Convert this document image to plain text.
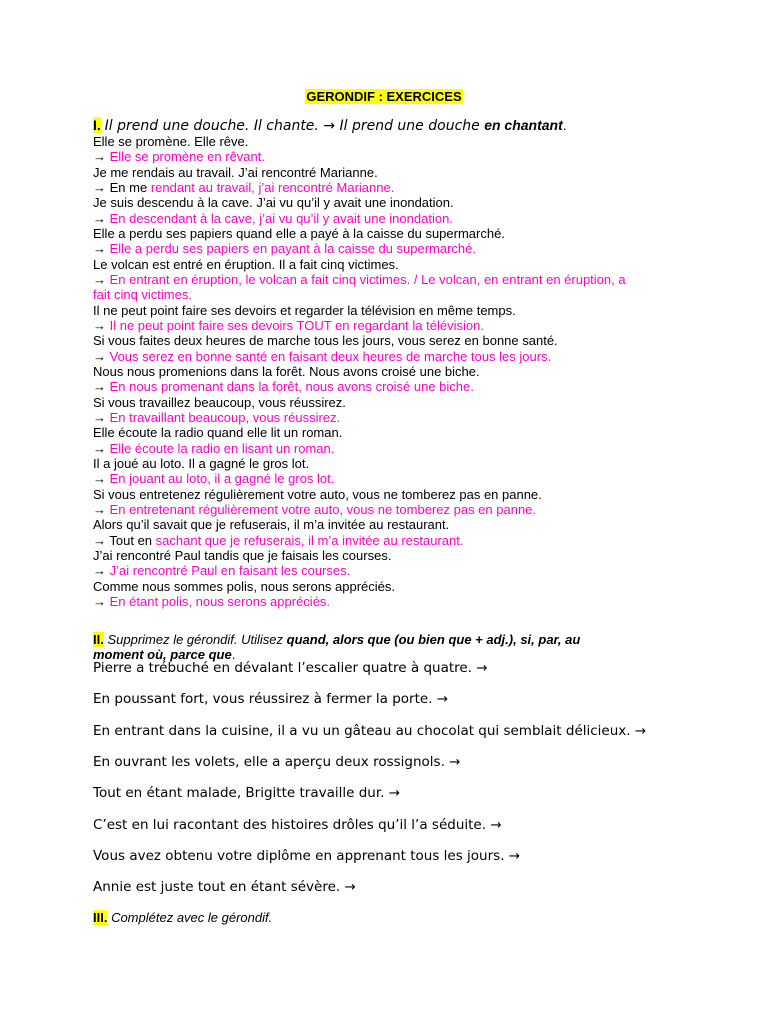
GERONDIF : EXERCICES
I. Il prend une douche. Il chante. → Il prend une douche en chantant.
Elle se promène. Elle rêve.
→ Elle se promène en rêvant.
Je me rendais au travail. J’ai rencontré Marianne.
→ En me rendant au travail, j’ai rencontré Marianne.
Je suis descendu à la cave. J’ai vu qu’il y avait une inondation.
→ En descendant à la cave, j’ai vu qu’il y avait une inondation.
Elle a perdu ses papiers quand elle a payé à la caisse du supermarché.
→ Elle a perdu ses papiers en payant à la caisse du supermarché.
Le volcan est entré en éruption. Il a fait cinq victimes.
→ En entrant en éruption, le volcan a fait cinq victimes. / Le volcan, en entrant en éruption, a
fait cinq victimes.
Il ne peut point faire ses devoirs et regarder la télévision en même temps.
→ Il ne peut point faire ses devoirs TOUT en regardant la télévision.
Si vous faites deux heures de marche tous les jours, vous serez en bonne santé.
→ Vous serez en bonne santé en faisant deux heures de marche tous les jours.
Nous nous promenions dans la forêt. Nous avons croisé une biche.
→ En nous promenant dans la forêt, nous avons croisé une biche.
Si vous travaillez beaucoup, vous réussirez.
→ En travaillant beaucoup, vous réussirez.
Elle écoute la radio quand elle lit un roman.
→ Elle écoute la radio en lisant un roman.
Il a joué au loto. Il a gagné le gros lot.
→ En jouant au loto, il a gagné le gros lot.
Si vous entretenez régulièrement votre auto, vous ne tomberez pas en panne.
→ En entretenant régulièrement votre auto, vous ne tomberez pas en panne.
Alors qu’il savait que je refuserais, il m’a invitée au restaurant.
→ Tout en sachant que je refuserais, il m’a invitée au restaurant.
J’ai rencontré Paul tandis que je faisais les courses.
→ J’ai rencontré Paul en faisant les courses.
Comme nous sommes polis, nous serons appréciés.
→ En étant polis, nous serons appréciés.
II. Supprimez le gérondif. Utilisez quand, alors que (ou bien que + adj.), si, par, au
moment où, parce que.
Pierre a trébuché en dévalant l’escalier quatre à quatre. →
En poussant fort, vous réussirez à fermer la porte. →
En entrant dans la cuisine, il a vu un gâteau au chocolat qui semblait délicieux. →
En ouvrant les volets, elle a aperçu deux rossignols. →
Tout en étant malade, Brigitte travaille dur. →
C’est en lui racontant des histoires drôles qu’il l’a séduite. →
Vous avez obtenu votre diplôme en apprenant tous les jours. →
Annie est juste tout en étant sévère. →
III. Complétez avec le gérondif.
